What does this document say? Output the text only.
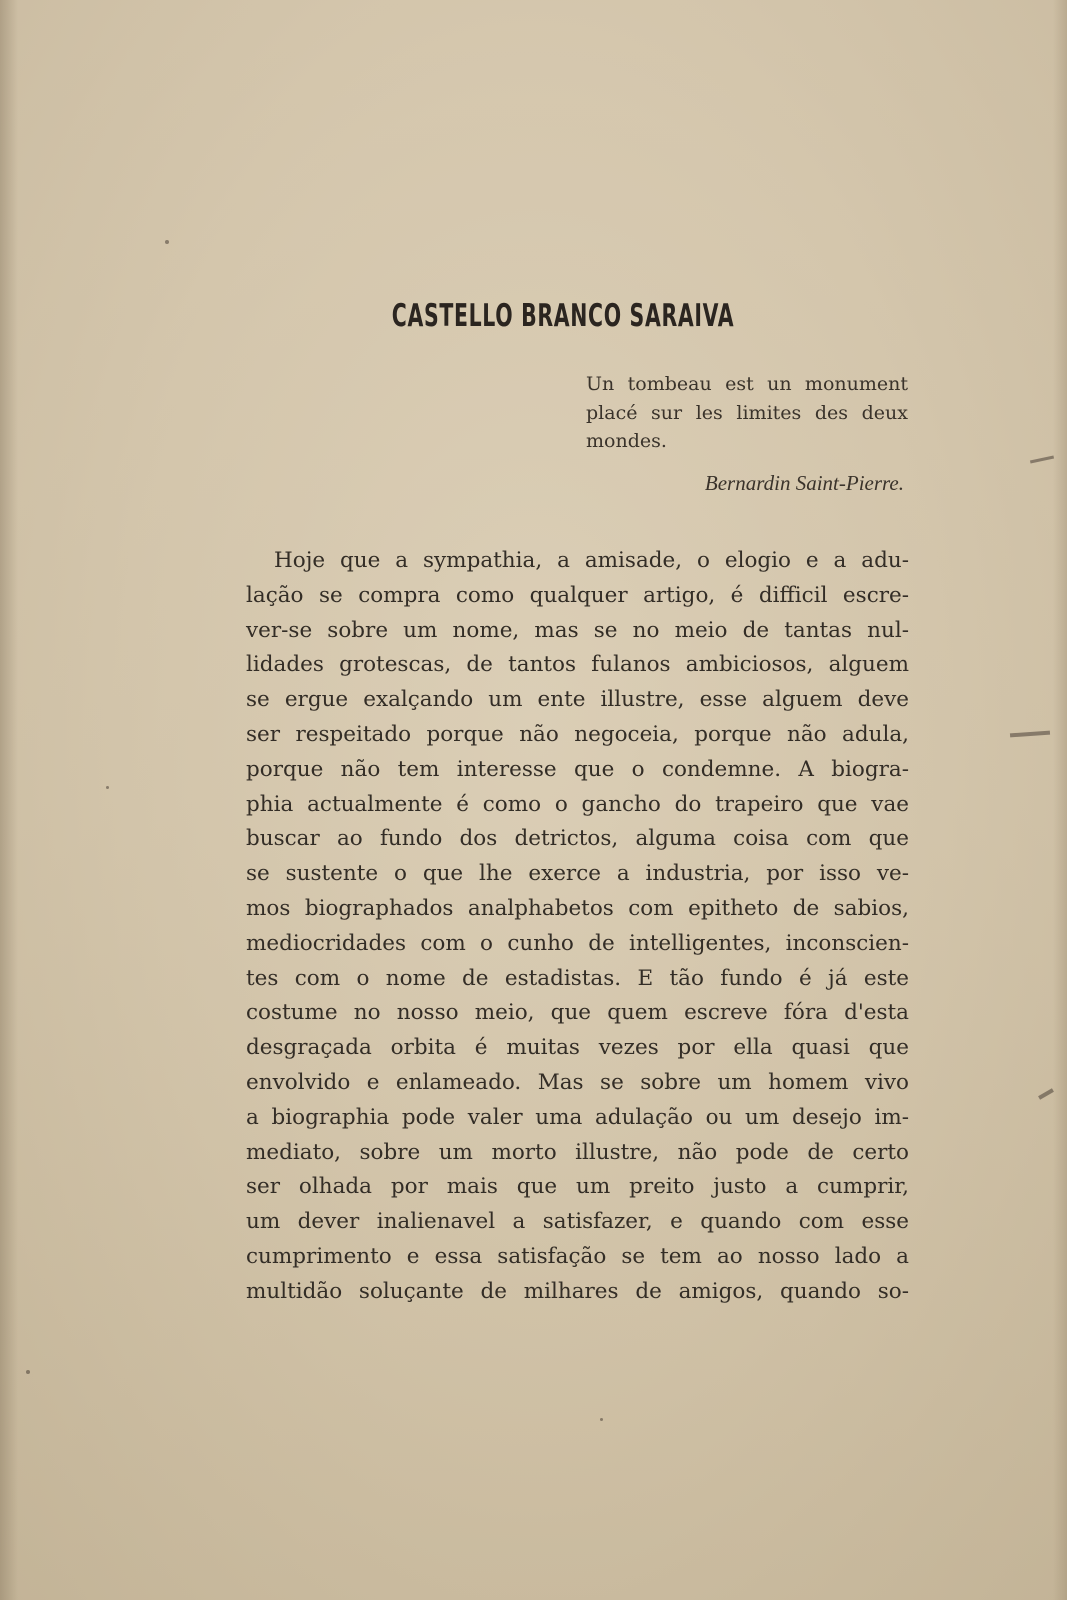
CASTELLO BRANCO SARAIVA

Un tombeau est un monument placé sur les limites des deux mondes.

Bernardin Saint-Pierre.

Hoje que a sympathia, a amisade, o elogio e a adu-
lação se compra como qualquer artigo, é difficil escre-
ver-se sobre um nome, mas se no meio de tantas nul-
lidades grotescas, de tantos fulanos ambiciosos, alguem
se ergue exalçando um ente illustre, esse alguem deve
ser respeitado porque não negoceia, porque não adula,
porque não tem interesse que o condemne. A biogra-
phia actualmente é como o gancho do trapeiro que vae
buscar ao fundo dos detrictos, alguma coisa com que
se sustente o que lhe exerce a industria, por isso ve-
mos biographados analphabetos com epitheto de sabios,
mediocridades com o cunho de intelligentes, inconscien-
tes com o nome de estadistas. E tão fundo é já este
costume no nosso meio, que quem escreve fóra d'esta
desgraçada orbita é muitas vezes por ella quasi que
envolvido e enlameado. Mas se sobre um homem vivo
a biographia pode valer uma adulação ou um desejo im-
mediato, sobre um morto illustre, não pode de certo
ser olhada por mais que um preito justo a cumprir,
um dever inalienavel a satisfazer, e quando com esse
cumprimento e essa satisfação se tem ao nosso lado a
multidão soluçante de milhares de amigos, quando so-
